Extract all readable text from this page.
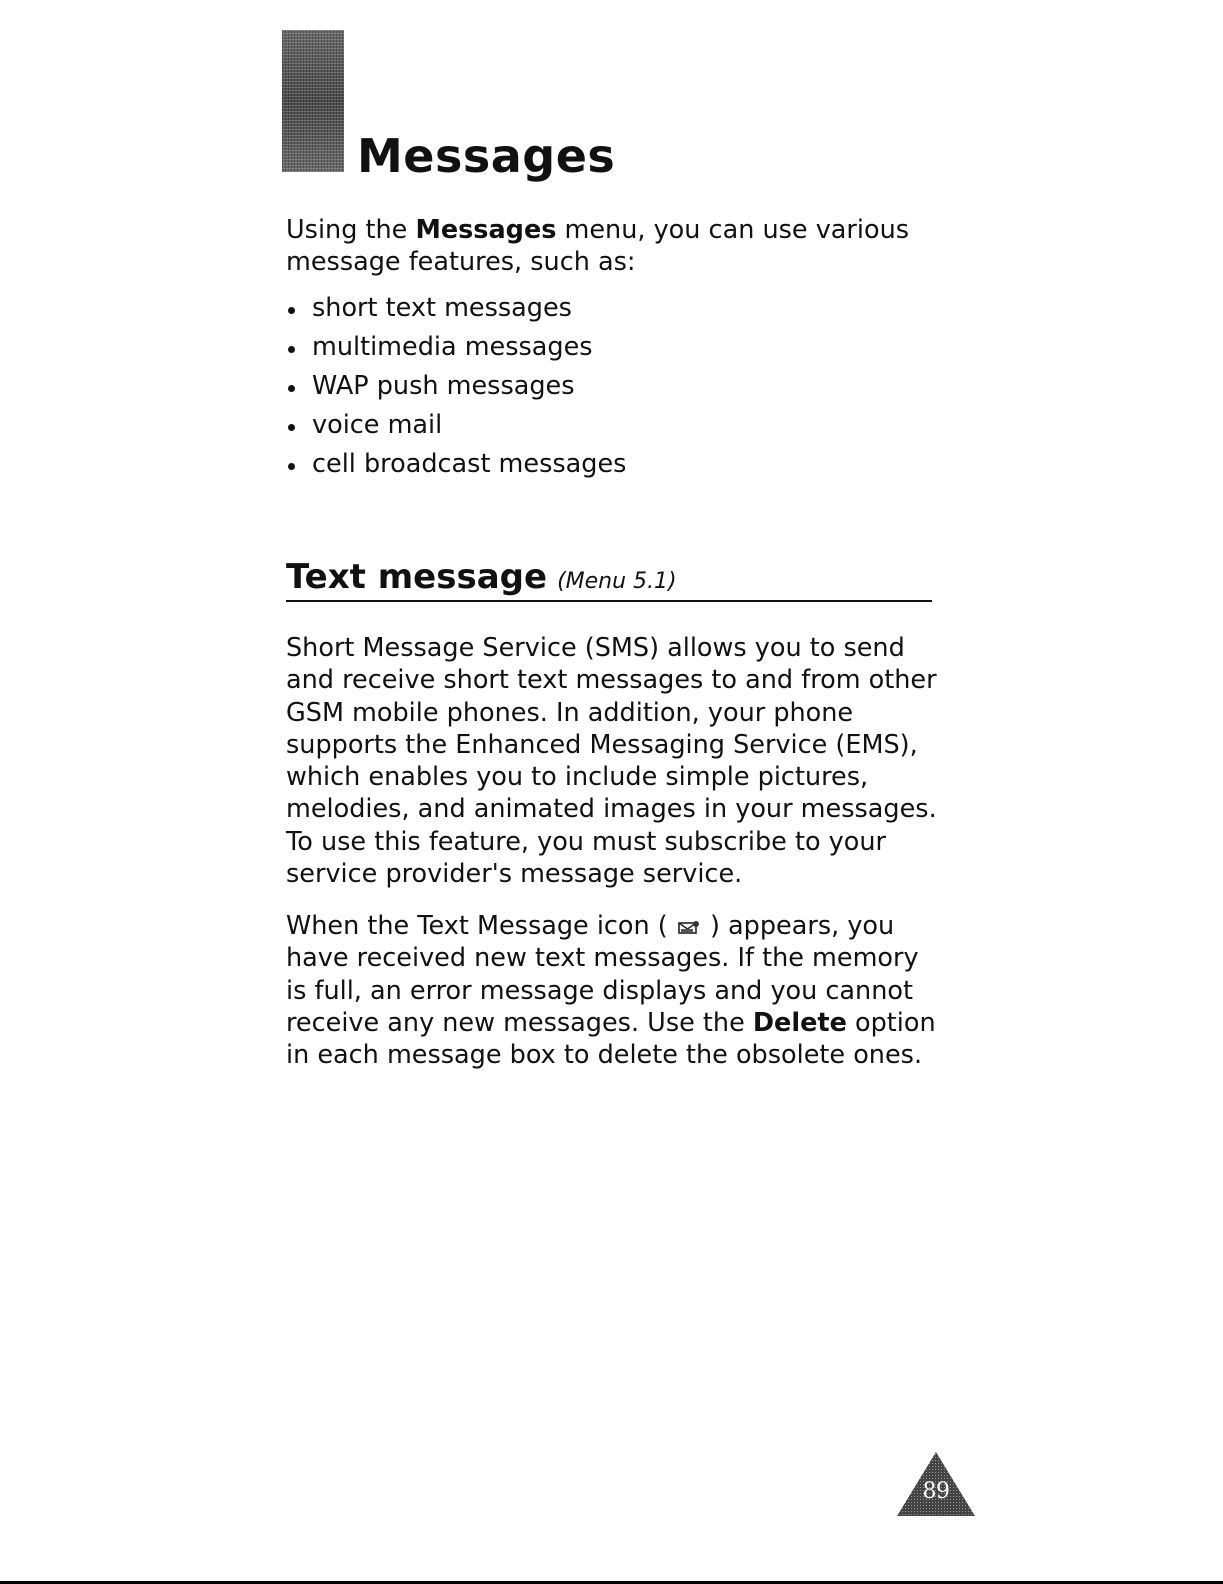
Messages

Using the Messages menu, you can use various message features, such as:

short text messages
multimedia messages
WAP push messages
voice mail
cell broadcast messages
Text message (Menu 5.1)

Short Message Service (SMS) allows you to send and receive short text messages to and from other GSM mobile phones. In addition, your phone supports the Enhanced Messaging Service (EMS), which enables you to include simple pictures, melodies, and animated images in your messages. To use this feature, you must subscribe to your service provider's message service.

When the Text Message icon ( ) appears, you have received new text messages. If the memory is full, an error message displays and you cannot receive any new messages. Use the Delete option in each message box to delete the obsolete ones.

89
